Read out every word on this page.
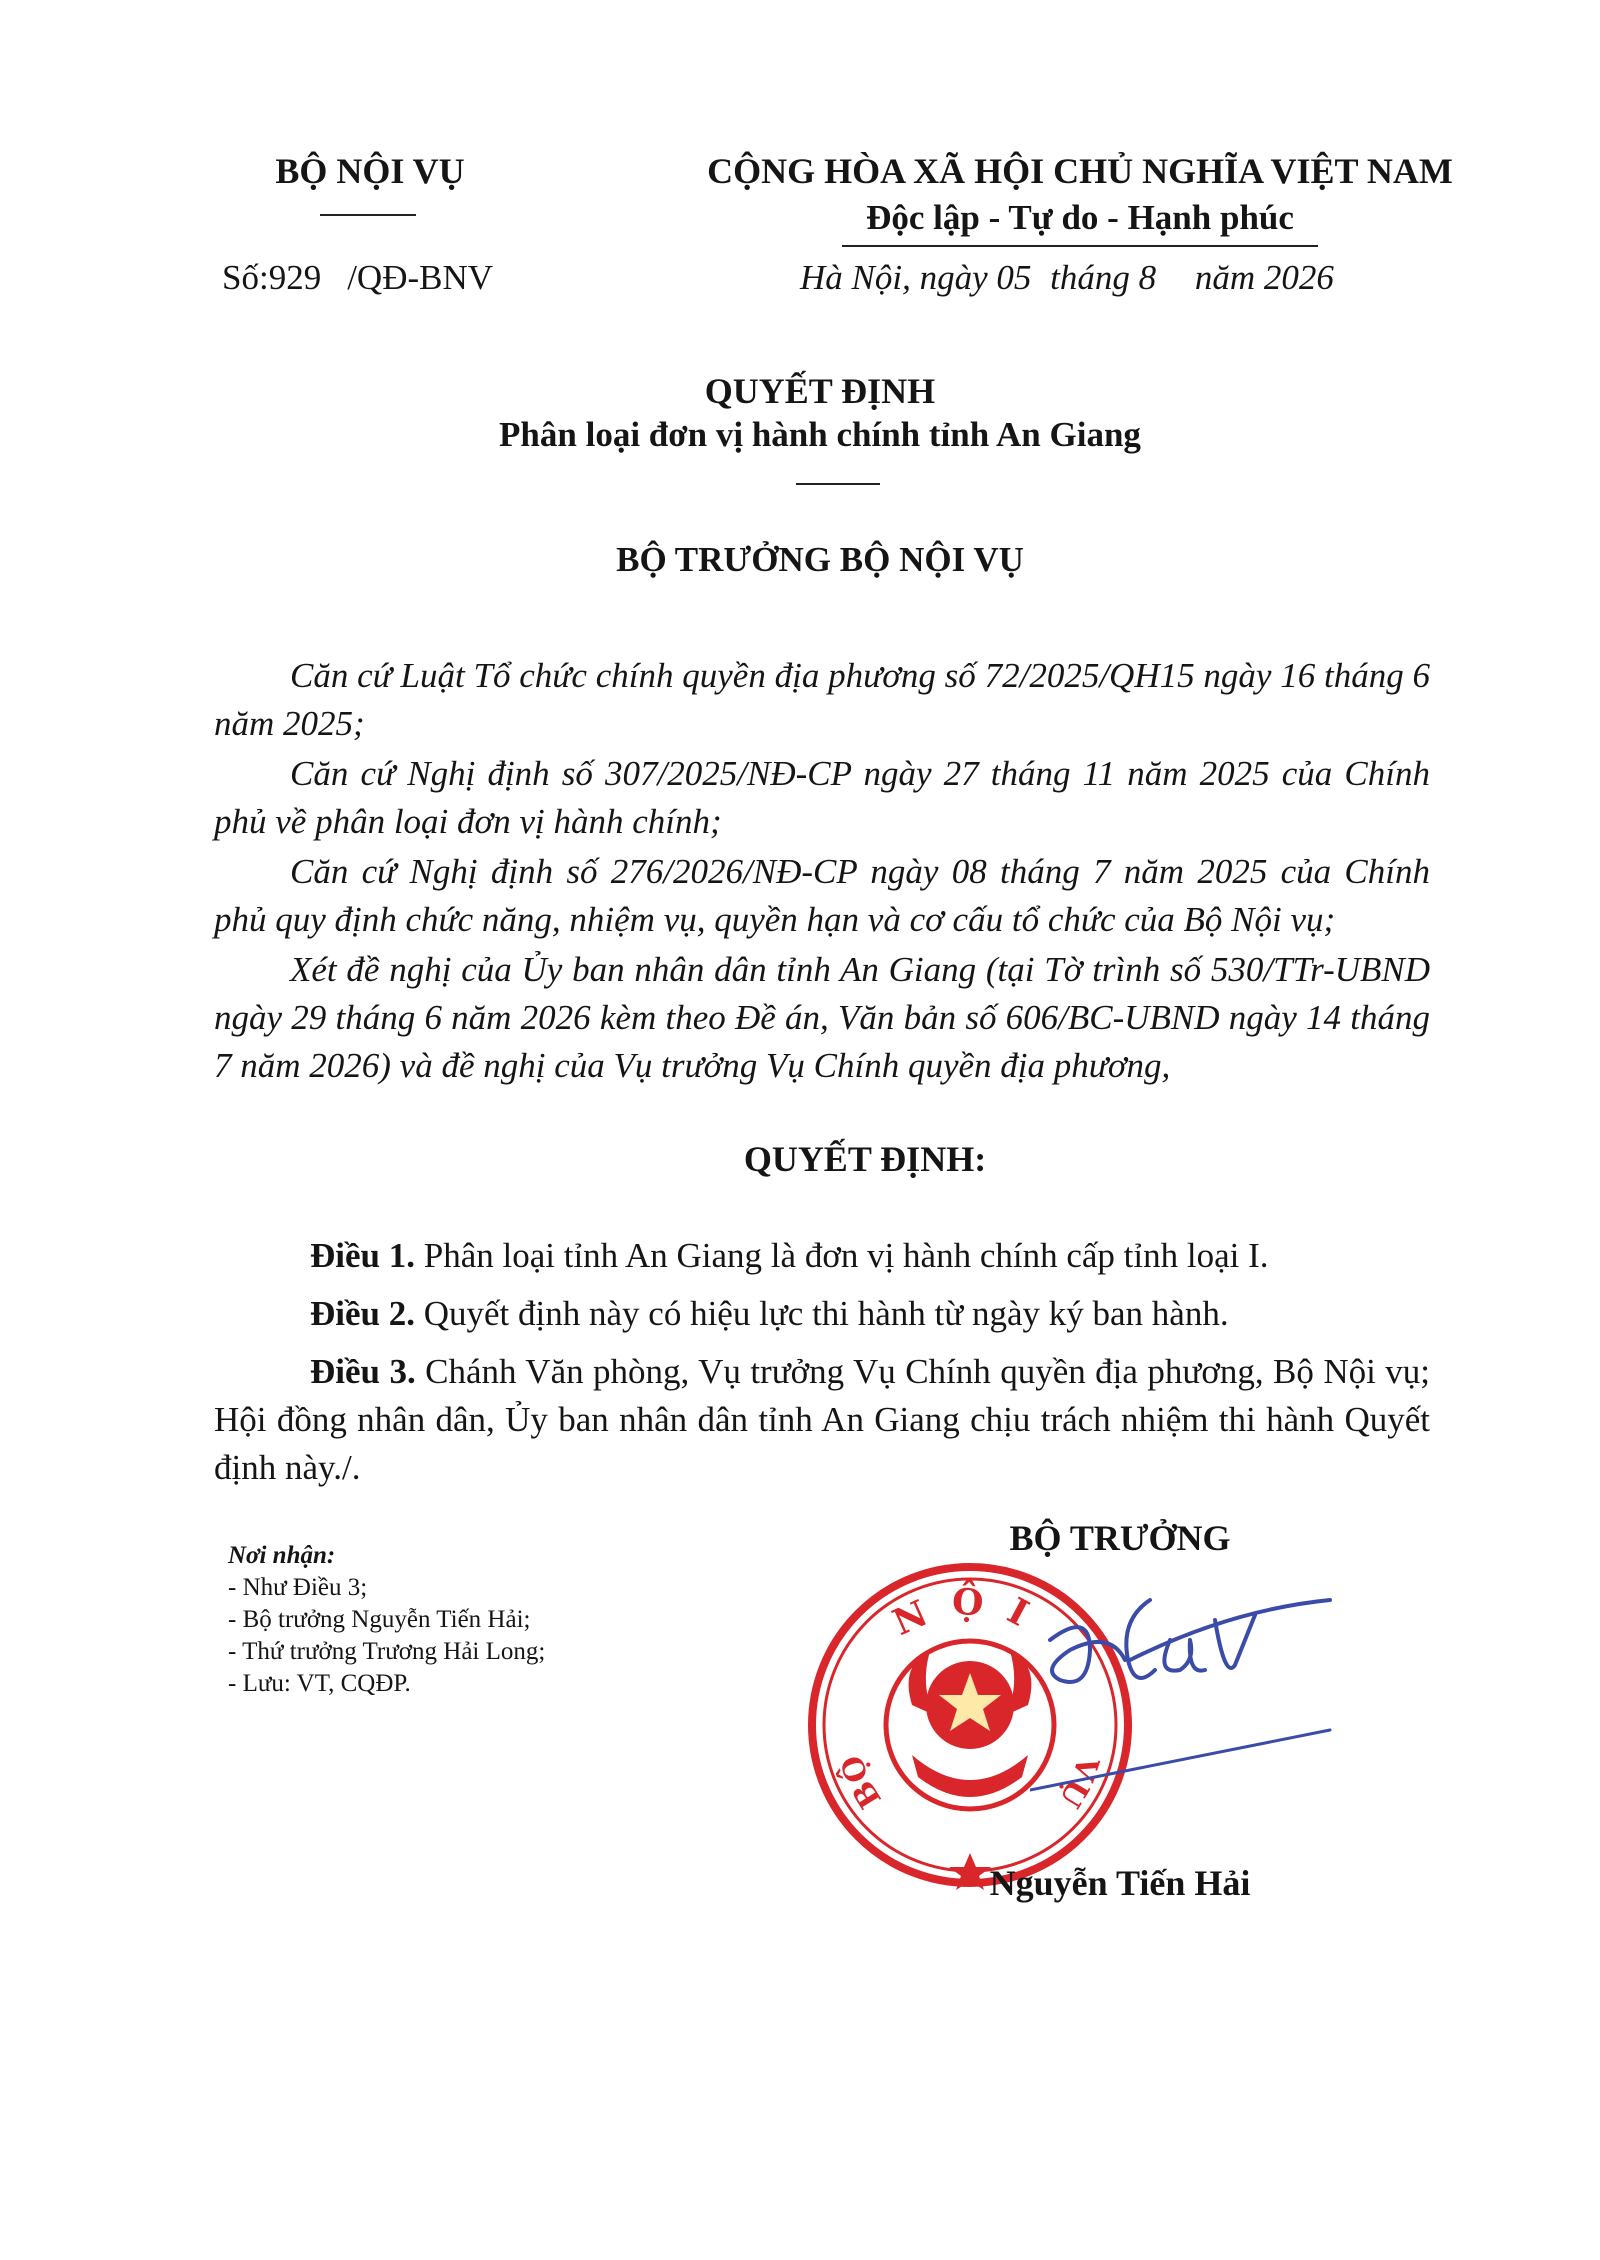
BỘ NỘI VỤ
Số:929 /QĐ-BNV
CỘNG HÒA XÃ HỘI CHỦ NGHĨA VIỆT NAM
Độc lập - Tự do - Hạnh phúc
Hà Nội, ngày 05 tháng 8 năm 2026
QUYẾT ĐỊNH
Phân loại đơn vị hành chính tỉnh An Giang
BỘ TRƯỞNG BỘ NỘI VỤ

Căn cứ Luật Tổ chức chính quyền địa phương số 72/2025/QH15 ngày 16 tháng 6 năm 2025;

Căn cứ Nghị định số 307/2025/NĐ-CP ngày 27 tháng 11 năm 2025 của Chính phủ về phân loại đơn vị hành chính;

Căn cứ Nghị định số 276/2026/NĐ-CP ngày 08 tháng 7 năm 2025 của Chính phủ quy định chức năng, nhiệm vụ, quyền hạn và cơ cấu tổ chức của Bộ Nội vụ;

Xét đề nghị của Ủy ban nhân dân tỉnh An Giang (tại Tờ trình số 530/TTr-UBND ngày 29 tháng 6 năm 2026 kèm theo Đề án, Văn bản số 606/BC-UBND ngày 14 tháng 7 năm 2026) và đề nghị của Vụ trưởng Vụ Chính quyền địa phương,

QUYẾT ĐỊNH:

Điều 1. Phân loại tỉnh An Giang là đơn vị hành chính cấp tỉnh loại I.

Điều 2. Quyết định này có hiệu lực thi hành từ ngày ký ban hành.

Điều 3. Chánh Văn phòng, Vụ trưởng Vụ Chính quyền địa phương, Bộ Nội vụ; Hội đồng nhân dân, Ủy ban nhân dân tỉnh An Giang chịu trách nhiệm thi hành Quyết định này./.

Nơi nhận:
- Như Điều 3;
- Bộ trưởng Nguyễn Tiến Hải;
- Thứ trưởng Trương Hải Long;
- Lưu: VT, CQĐP.
BỘ TRƯỞNG
NỘI
BỘ	VỤ
Nguyễn Tiến Hải
